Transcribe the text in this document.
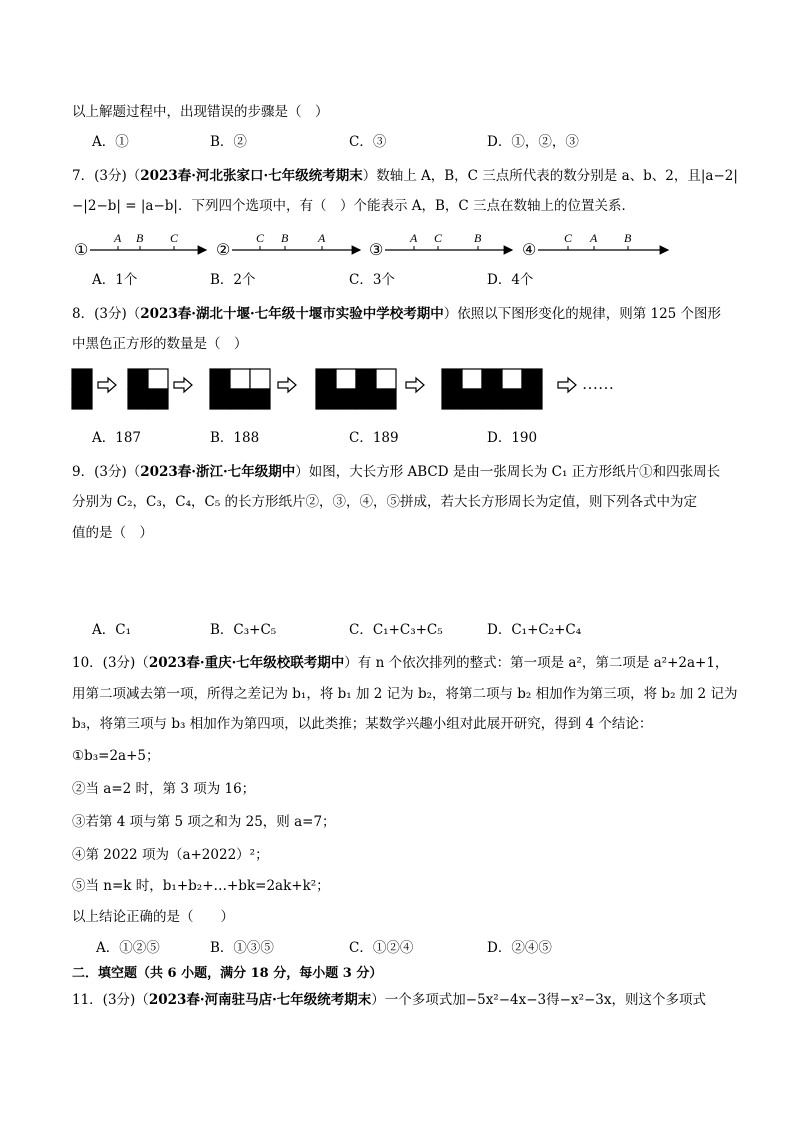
以上解题过程中，出现错误的步骤是（　）
A．①	B．②	C．③	D．①，②，③
7．(3分)（2023春·河北张家口·七年级统考期末）数轴上 A，B，C 三点所代表的数分别是 a、b、2，且|a−2|
−|2−b| = |a−b|．下列四个选项中，有（　）个能表示 A，B，C 三点在数轴上的位置关系．
①
A B C
②
C B A
③
A C	B
④
C A B
A．1个	B．2个	C．3个	D．4个
8．(3分)（2023春·湖北十堰·七年级十堰市实验中学校考期中）依照以下图形变化的规律，则第 125 个图形
中黑色正方形的数量是（　）
……
A．187	B．188	C．189	D．190
9．(3分)（2023春·浙江·七年级期中）如图，大长方形 ABCD 是由一张周长为 C₁ 正方形纸片①和四张周长
分别为 C₂，C₃，C₄，C₅ 的长方形纸片②，③，④，⑤拼成，若大长方形周长为定值，则下列各式中为定
值的是（　）
A．C₁	B．C₃+C₅	C．C₁+C₃+C₅	D．C₁+C₂+C₄
10．(3分)（2023春·重庆·七年级校联考期中）有 n 个依次排列的整式：第一项是 a²，第二项是 a²+2a+1，
用第二项减去第一项，所得之差记为 b₁，将 b₁ 加 2 记为 b₂，将第二项与 b₂ 相加作为第三项，将 b₂ 加 2 记为
b₃，将第三项与 b₃ 相加作为第四项，以此类推；某数学兴趣小组对此展开研究，得到 4 个结论：
①b₃=2a+5；
②当 a=2 时，第 3 项为 16；
③若第 4 项与第 5 项之和为 25，则 a=7；
④第 2022 项为（a+2022）²；
⑤当 n=k 时，b₁+b₂+…+bk=2ak+k²；
以上结论正确的是（　　）
A．①②⑤	B．①③⑤	C．①②④	D．②④⑤
二．填空题（共 6 小题，满分 18 分，每小题 3 分）
11．(3分)（2023春·河南驻马店·七年级统考期末）一个多项式加−5x²−4x−3得−x²−3x，则这个多项式
